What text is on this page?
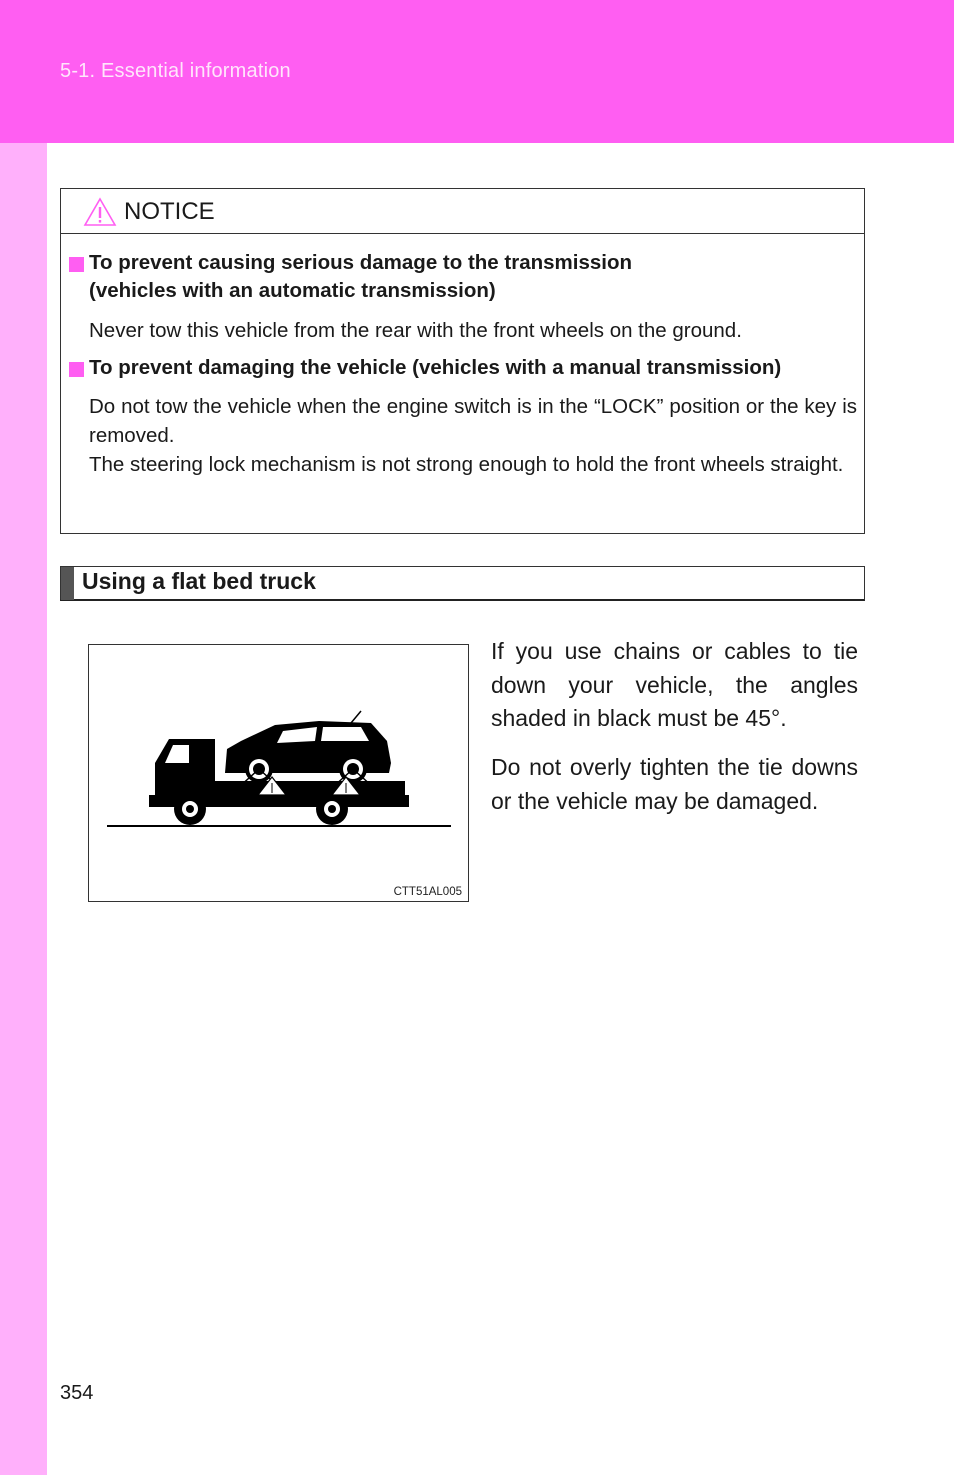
5-1. Essential information
NOTICE
To prevent causing serious damage to the transmission
(vehicles with an automatic transmission)
Never tow this vehicle from the rear with the front wheels on the ground.
To prevent damaging the vehicle (vehicles with a manual transmission)
Do not tow the vehicle when the engine switch is in the “LOCK” position or the key is removed.
The steering lock mechanism is not strong enough to hold the front wheels straight.
Using a flat bed truck
CTT51AL005
If you use chains or cables to tie down your vehicle, the angles shaded in black must be 45°.
Do not overly tighten the tie downs or the vehicle may be damaged.
354
